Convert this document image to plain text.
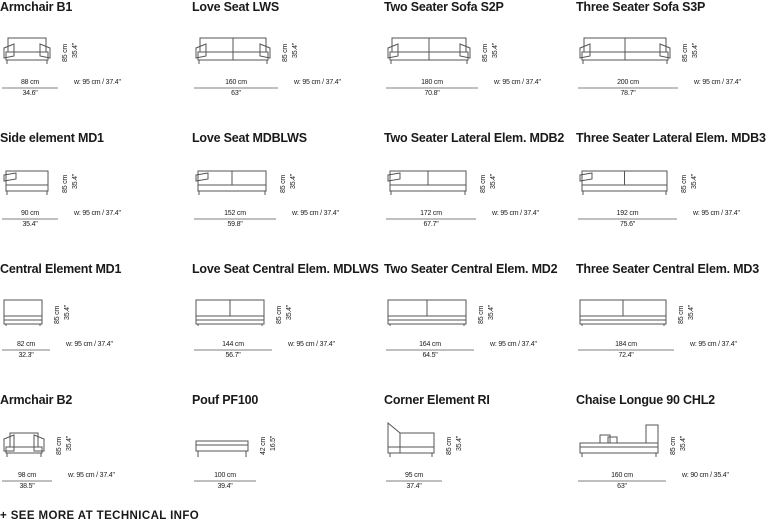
Armchair B1
88 cm
34.6"
85 cm 35.4"
w: 95 cm / 37.4"
Love Seat LWS
160 cm
63"
85 cm 35.4"
w: 95 cm / 37.4"
Two Seater Sofa S2P
180 cm
70.8"
85 cm 35.4"
w: 95 cm / 37.4"
Three Seater Sofa S3P
200 cm
78.7"
85 cm 35.4"
w: 95 cm / 37.4"
Side element MD1
90 cm
35.4"
85 cm 35.4"
w: 95 cm / 37.4"
Love Seat MDBLWS
152 cm
59.8"
85 cm 35.4"
w: 95 cm / 37.4"
Two Seater Lateral Elem. MDB2
172 cm
67.7"
85 cm 35.4"
w: 95 cm / 37.4"
Three Seater Lateral Elem. MDB3
192 cm
75.6"
85 cm 35.4"
w: 95 cm / 37.4"
Central Element MD1
82 cm
32.3"
85 cm 35.4"
w: 95 cm / 37.4"
Love Seat Central Elem. MDLWS
144 cm
56.7"
85 cm 35.4"
w: 95 cm / 37.4"
Two Seater Central Elem. MD2
164 cm
64.5"
85 cm 35.4"
w: 95 cm / 37.4"
Three Seater Central Elem. MD3
184 cm
72.4"
85 cm 35.4"
w: 95 cm / 37.4"
Armchair B2
98 cm
38.5"
85 cm 35.4"
w: 95 cm / 37.4"
Pouf PF100
100 cm
39.4"
42 cm 16.5"
Corner Element RI
95 cm
37.4"
85 cm 35.4"
Chaise Longue 90 CHL2
160 cm
63"
85 cm 35.4"
w: 90 cm / 35.4"
+ SEE MORE AT TECHNICAL INFO
